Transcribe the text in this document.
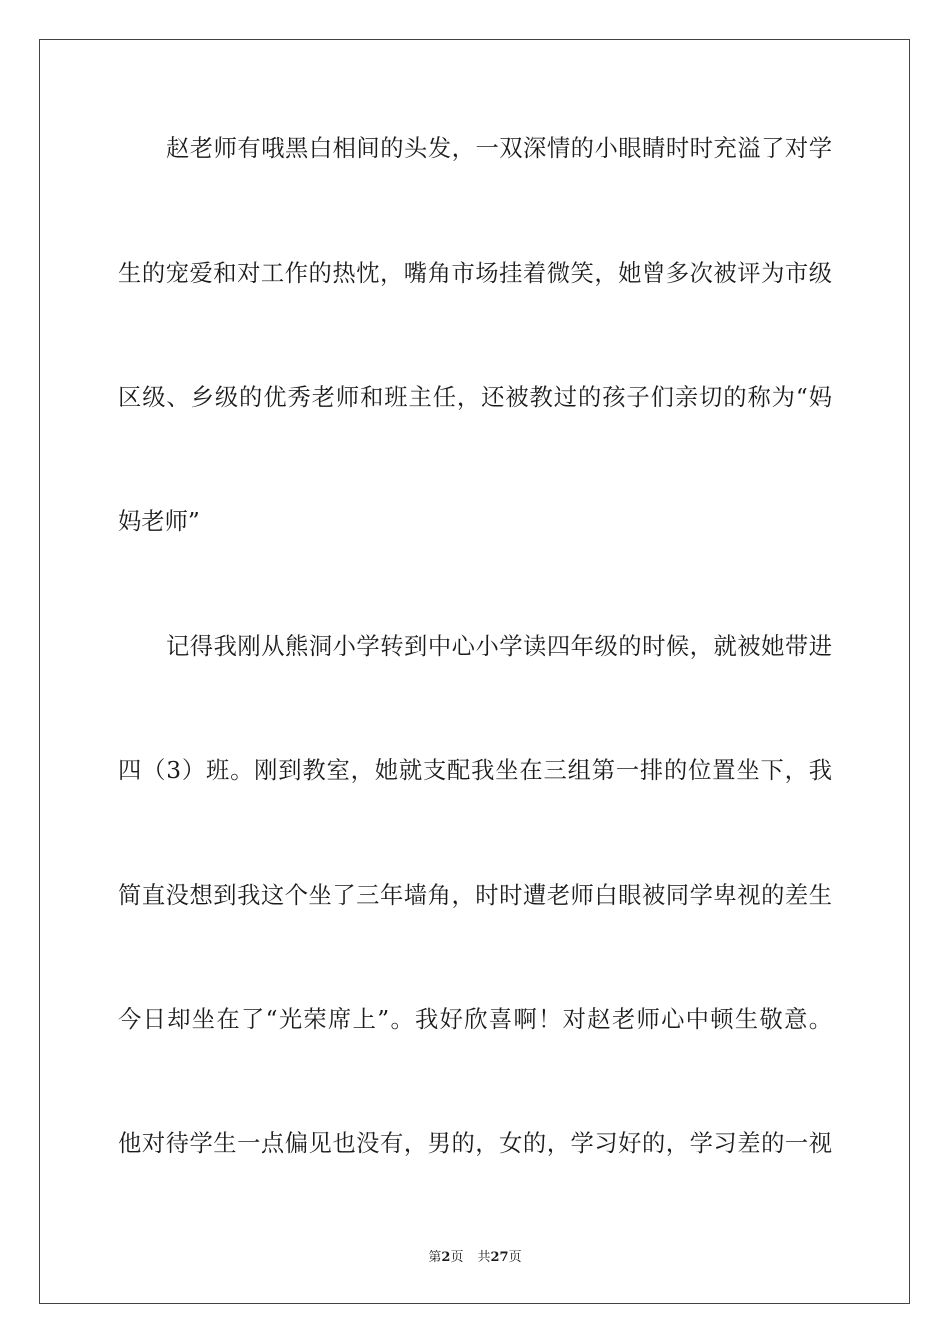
赵老师有哦黑白相间的头发，一双深情的小眼睛时时充溢了对学
生的宠爱和对工作的热忱，嘴角市场挂着微笑，她曾多次被评为市级
区级、乡级的优秀老师和班主任，还被教过的孩子们亲切的称为“妈
妈老师”
记得我刚从熊洞小学转到中心小学读四年级的时候，就被她带进
四（3）班。刚到教室，她就支配我坐在三组第一排的位置坐下，我
简直没想到我这个坐了三年墙角，时时遭老师白眼被同学卑视的差生
今日却坐在了“光荣席上”。我好欣喜啊！对赵老师心中顿生敬意。
他对待学生一点偏见也没有，男的，女的，学习好的，学习差的一视
第2页 共27页
